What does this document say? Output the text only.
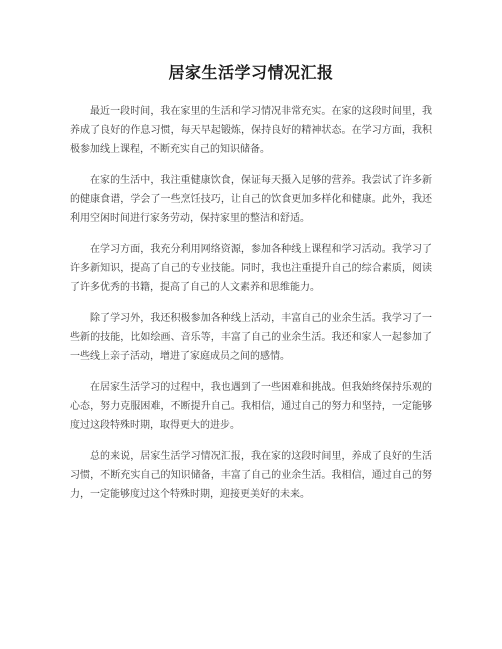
居家生活学习情况汇报

最近一段时间，我在家里的生活和学习情况非常充实。在家的这段时间里，我养成了良好的作息习惯，每天早起锻炼，保持良好的精神状态。在学习方面，我积极参加线上课程，不断充实自己的知识储备。

在家的生活中，我注重健康饮食，保证每天摄入足够的营养。我尝试了许多新的健康食谱，学会了一些烹饪技巧，让自己的饮食更加多样化和健康。此外，我还利用空闲时间进行家务劳动，保持家里的整洁和舒适。

在学习方面，我充分利用网络资源，参加各种线上课程和学习活动。我学习了许多新知识，提高了自己的专业技能。同时，我也注重提升自己的综合素质，阅读了许多优秀的书籍，提高了自己的人文素养和思维能力。

除了学习外，我还积极参加各种线上活动，丰富自己的业余生活。我学习了一些新的技能，比如绘画、音乐等，丰富了自己的业余生活。我还和家人一起参加了一些线上亲子活动，增进了家庭成员之间的感情。

在居家生活学习的过程中，我也遇到了一些困难和挑战。但我始终保持乐观的心态，努力克服困难，不断提升自己。我相信，通过自己的努力和坚持，一定能够度过这段特殊时期，取得更大的进步。

总的来说，居家生活学习情况汇报，我在家的这段时间里，养成了良好的生活习惯，不断充实自己的知识储备，丰富了自己的业余生活。我相信，通过自己的努力，一定能够度过这个特殊时期，迎接更美好的未来。
